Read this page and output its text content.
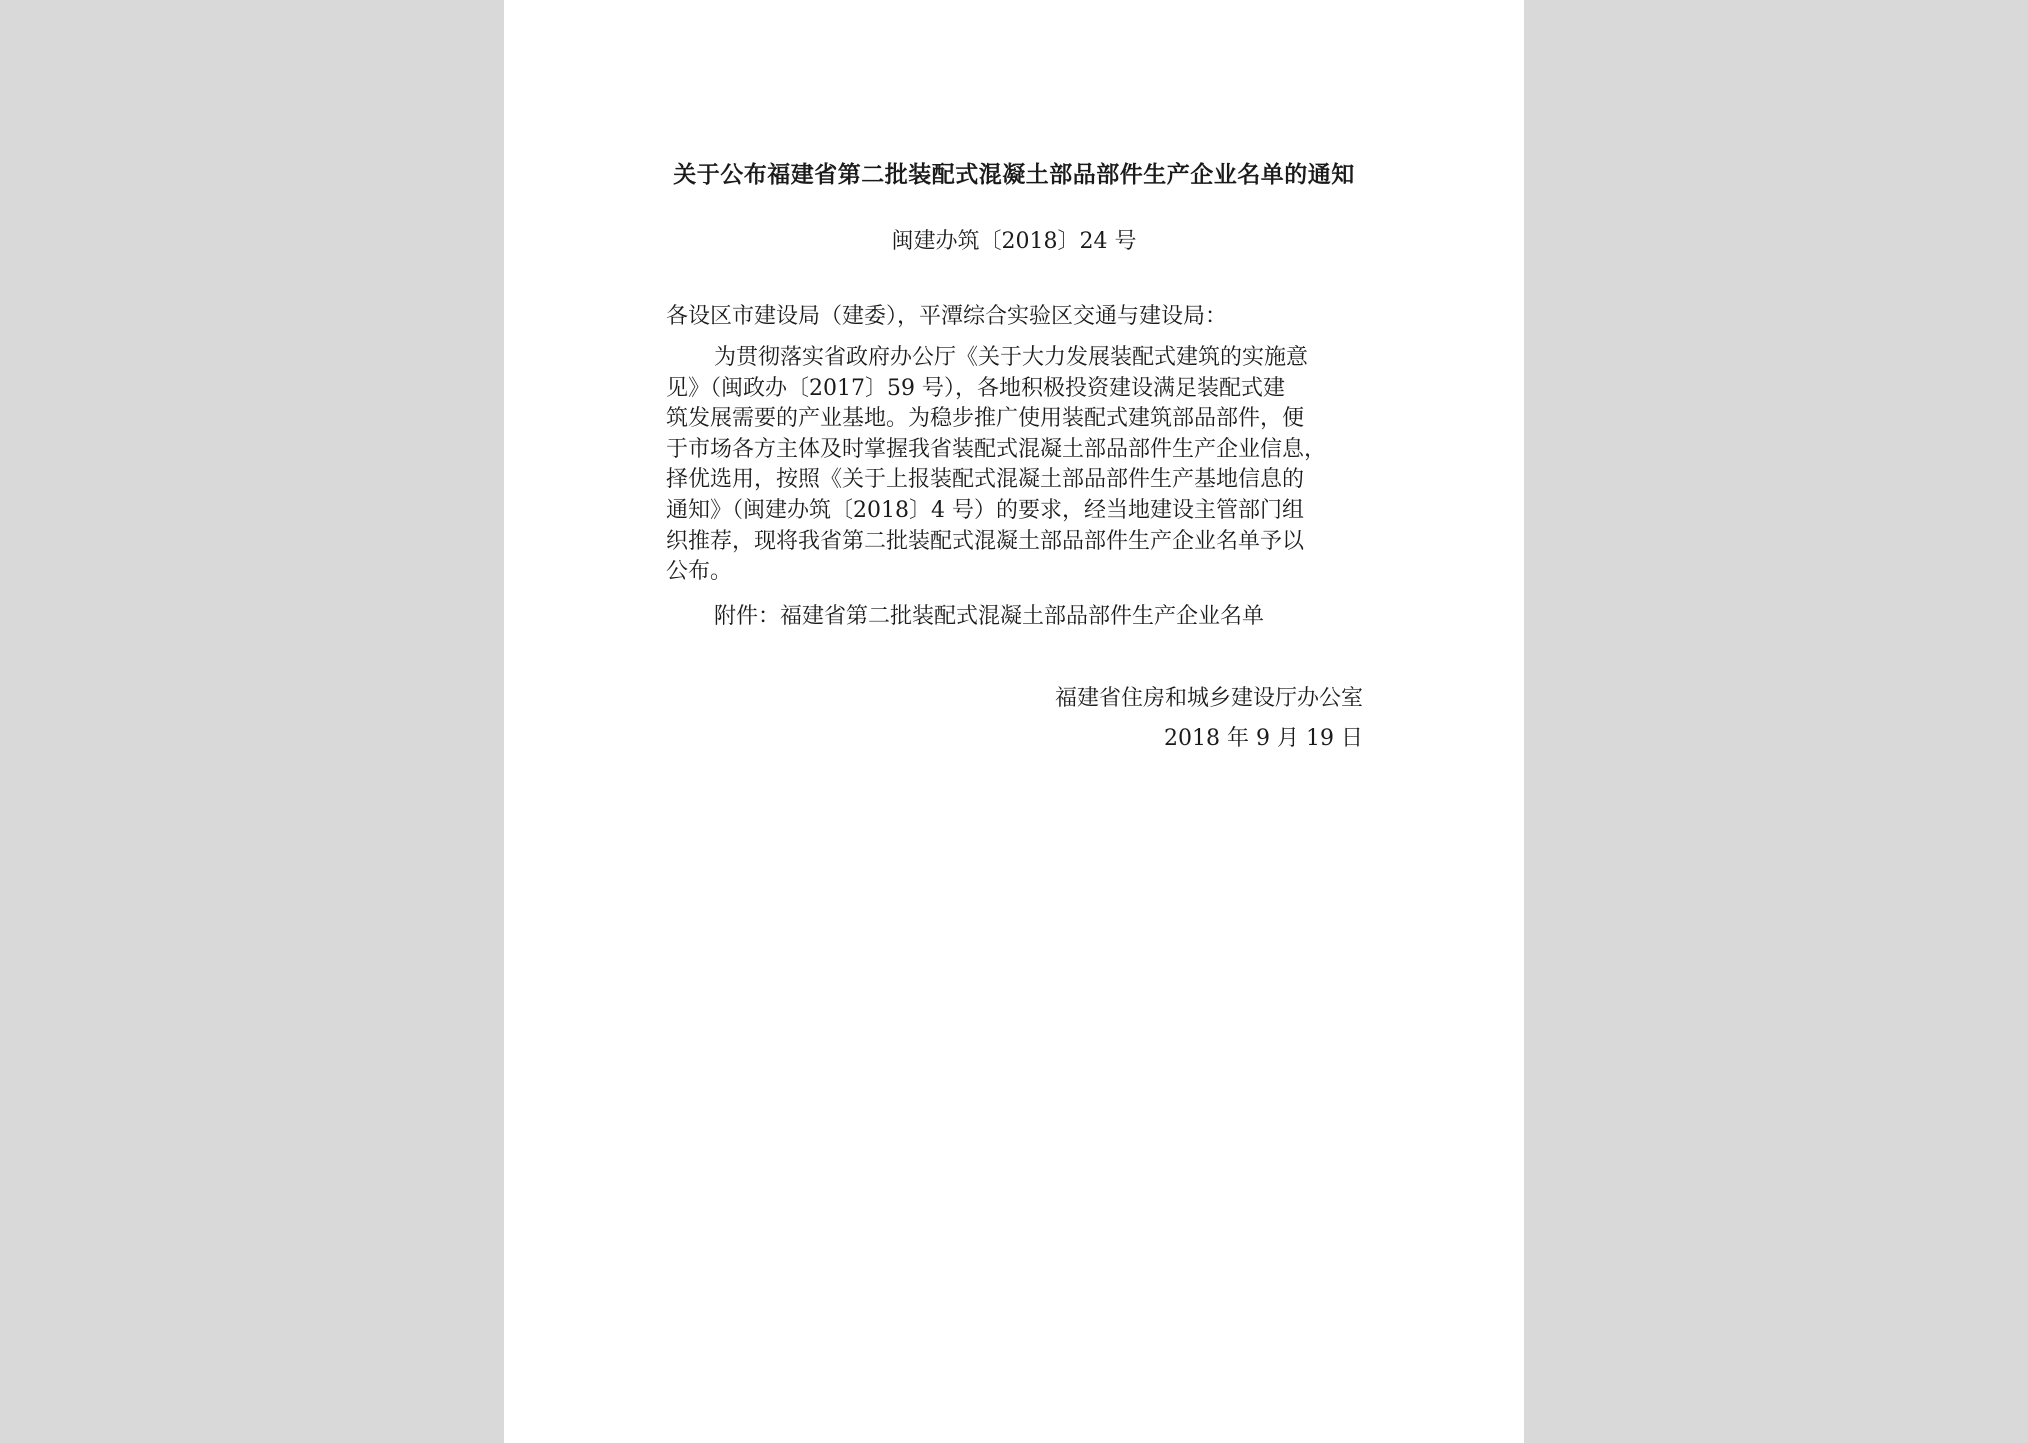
关于公布福建省第二批装配式混凝土部品部件生产企业名单的通知
闽建办筑〔2018〕24 号
各设区市建设局（建委），平潭综合实验区交通与建设局：
为贯彻落实省政府办公厅《关于大力发展装配式建筑的实施意
见》（闽政办〔2017〕59 号），各地积极投资建设满足装配式建
筑发展需要的产业基地。为稳步推广使用装配式建筑部品部件，便
于市场各方主体及时掌握我省装配式混凝土部品部件生产企业信息，
择优选用，按照《关于上报装配式混凝土部品部件生产基地信息的
通知》（闽建办筑〔2018〕4 号）的要求，经当地建设主管部门组
织推荐，现将我省第二批装配式混凝土部品部件生产企业名单予以
公布。
附件：福建省第二批装配式混凝土部品部件生产企业名单
福建省住房和城乡建设厅办公室
2018 年 9 月 19 日
